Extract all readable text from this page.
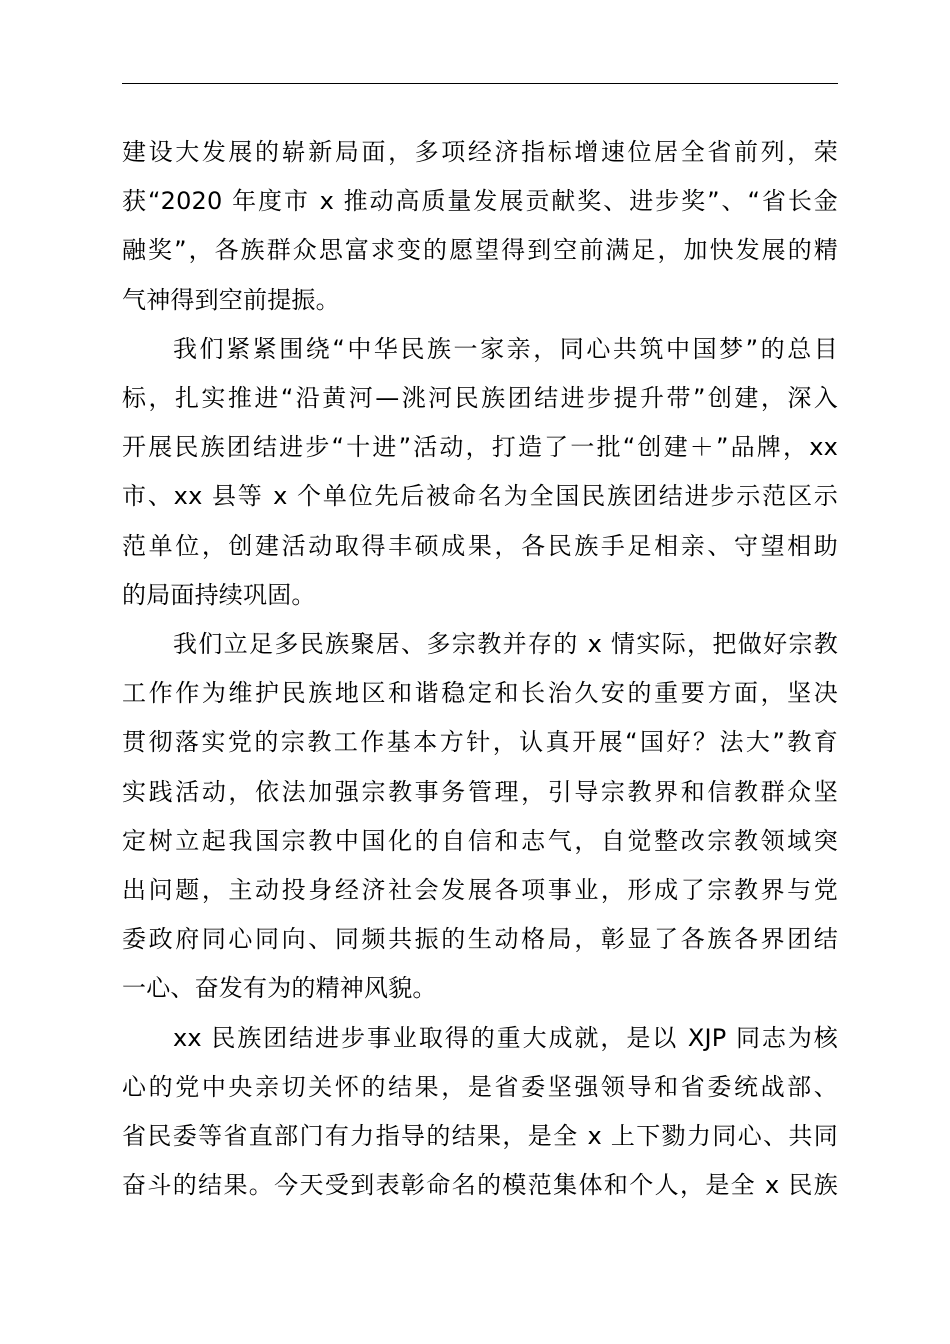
建设大发展的崭新局面，多项经济指标增速位居全省前列，荣
获“2020 年度市 x 推动高质量发展贡献奖、进步奖”、“省长金
融奖”，各族群众思富求变的愿望得到空前满足，加快发展的精
气神得到空前提振。

我们紧紧围绕“中华民族一家亲，同心共筑中国梦”的总目
标，扎实推进“沿黄河—洮河民族团结进步提升带”创建，深入
开展民族团结进步“十进”活动，打造了一批“创建＋”品牌，xx
市、xx 县等 x 个单位先后被命名为全国民族团结进步示范区示
范单位，创建活动取得丰硕成果，各民族手足相亲、守望相助
的局面持续巩固。

我们立足多民族聚居、多宗教并存的 x 情实际，把做好宗教
工作作为维护民族地区和谐稳定和长治久安的重要方面，坚决
贯彻落实党的宗教工作基本方针，认真开展“国好？法大”教育
实践活动，依法加强宗教事务管理，引导宗教界和信教群众坚
定树立起我国宗教中国化的自信和志气，自觉整改宗教领域突
出问题，主动投身经济社会发展各项事业，形成了宗教界与党
委政府同心同向、同频共振的生动格局，彰显了各族各界团结
一心、奋发有为的精神风貌。

xx 民族团结进步事业取得的重大成就，是以 XJP 同志为核
心的党中央亲切关怀的结果，是省委坚强领导和省委统战部、
省民委等省直部门有力指导的结果，是全 x 上下勠力同心、共同
奋斗的结果。今天受到表彰命名的模范集体和个人，是全 x 民族
